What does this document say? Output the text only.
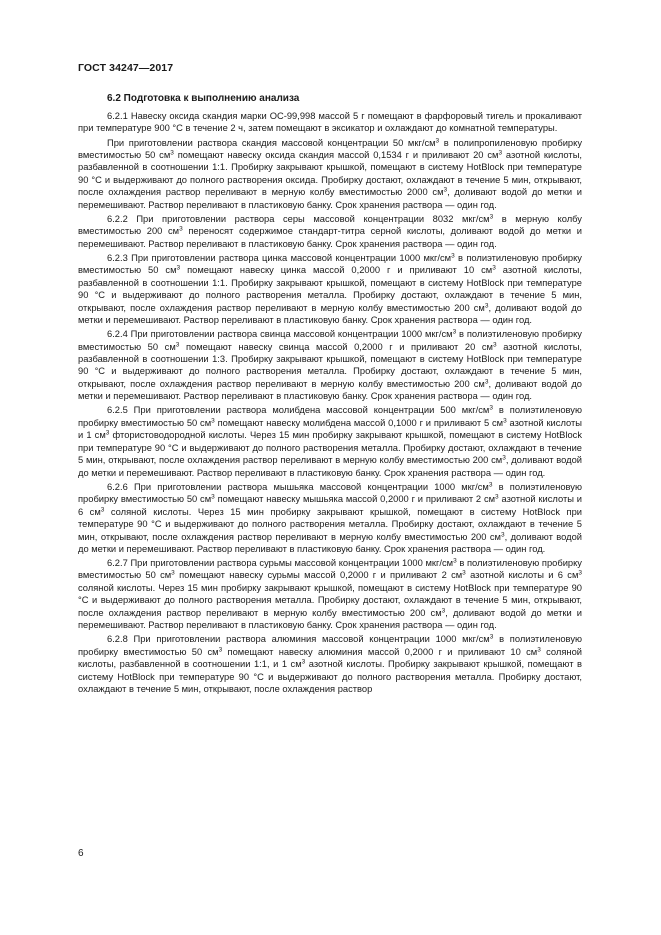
ГОСТ 34247—2017
6.2 Подготовка к выполнению анализа

6.2.1 Навеску оксида скандия марки ОС-99,998 массой 5 г помещают в фарфоровый тигель и прокаливают при температуре 900 °С в течение 2 ч, затем помещают в эксикатор и охлаждают до комнатной температуры.

При приготовлении раствора скандия массовой концентрации 50 мкг/$см^3$ в полипропиленовую пробирку вместимостью 50 $см^3$ помещают навеску оксида скандия массой 0,1534 г и приливают 20 $см^3$ азотной кислоты, разбавленной в соотношении 1:1. Пробирку закрывают крышкой, помещают в систему HotBlock при температуре 90 °С и выдерживают до полного растворения оксида. Пробирку достают, охлаждают в течение 5 мин, открывают, после охлаждения раствор переливают в мерную колбу вместимостью 2000 $см^3$, доливают водой до метки и перемешивают. Раствор переливают в пластиковую банку. Срок хранения раствора — один год.

6.2.2 При приготовлении раствора серы массовой концентрации 8032 мкг/$см^3$ в мерную колбу вместимостью 200 $см^3$ переносят содержимое стандарт-титра серной кислоты, доливают водой до метки и перемешивают. Раствор переливают в пластиковую банку. Срок хранения раствора — один год.

6.2.3 При приготовлении раствора цинка массовой концентрации 1000 мкг/$см^3$ в полиэтиленовую пробирку вместимостью 50 $см^3$ помещают навеску цинка массой 0,2000 г и приливают 10 $см^3$ азотной кислоты, разбавленной в соотношении 1:1. Пробирку закрывают крышкой, помещают в систему HotBlock при температуре 90 °С и выдерживают до полного растворения металла. Пробирку достают, охлаждают в течение 5 мин, открывают, после охлаждения раствор переливают в мерную колбу вместимостью 200 $см^3$, доливают водой до метки и перемешивают. Раствор переливают в пластиковую банку. Срок хранения раствора — один год.

6.2.4 При приготовлении раствора свинца массовой концентрации 1000 мкг/$см^3$ в полиэтиленовую пробирку вместимостью 50 $см^3$ помещают навеску свинца массой 0,2000 г и приливают 20 $см^3$ азотной кислоты, разбавленной в соотношении 1:3. Пробирку закрывают крышкой, помещают в систему HotBlock при температуре 90 °С и выдерживают до полного растворения металла. Пробирку достают, охлаждают в течение 5 мин, открывают, после охлаждения раствор переливают в мерную колбу вместимостью 200 $см^3$, доливают водой до метки и перемешивают. Раствор переливают в пластиковую банку. Срок хранения раствора — один год.

6.2.5 При приготовлении раствора молибдена массовой концентрации 500 мкг/$см^3$ в полиэтиленовую пробирку вместимостью 50 $см^3$ помещают навеску молибдена массой 0,1000 г и приливают 5 $см^3$ азотной кислоты и 1 $см^3$ фтористоводородной кислоты. Через 15 мин пробирку закрывают крышкой, помещают в систему HotBlock при температуре 90 °С и выдерживают до полного растворения металла. Пробирку достают, охлаждают в течение 5 мин, открывают, после охлаждения раствор переливают в мерную колбу вместимостью 200 $см^3$, доливают водой до метки и перемешивают. Раствор переливают в пластиковую банку. Срок хранения раствора — один год.

6.2.6 При приготовлении раствора мышьяка массовой концентрации 1000 мкг/$см^3$ в полиэтиленовую пробирку вместимостью 50 $см^3$ помещают навеску мышьяка массой 0,2000 г и приливают 2 $см^3$ азотной кислоты и 6 $см^3$ соляной кислоты. Через 15 мин пробирку закрывают крышкой, помещают в систему HotBlock при температуре 90 °С и выдерживают до полного растворения металла. Пробирку достают, охлаждают в течение 5 мин, открывают, после охлаждения раствор переливают в мерную колбу вместимостью 200 $см^3$, доливают водой до метки и перемешивают. Раствор переливают в пластиковую банку. Срок хранения раствора — один год.

6.2.7 При приготовлении раствора сурьмы массовой концентрации 1000 мкг/$см^3$ в полиэтиленовую пробирку вместимостью 50 $см^3$ помещают навеску сурьмы массой 0,2000 г и приливают 2 $см^3$ азотной кислоты и 6 $см^3$ соляной кислоты. Через 15 мин пробирку закрывают крышкой, помещают в систему HotBlock при температуре 90 °С и выдерживают до полного растворения металла. Пробирку достают, охлаждают в течение 5 мин, открывают, после охлаждения раствор переливают в мерную колбу вместимостью 200 $см^3$, доливают водой до метки и перемешивают. Раствор переливают в пластиковую банку. Срок хранения раствора — один год.

6.2.8 При приготовлении раствора алюминия массовой концентрации 1000 мкг/$см^3$ в полиэтиленовую пробирку вместимостью 50 $см^3$ помещают навеску алюминия массой 0,2000 г и приливают 10 $см^3$ соляной кислоты, разбавленной в соотношении 1:1, и 1 $см^3$ азотной кислоты. Пробирку закрывают крышкой, помещают в систему HotBlock при температуре 90 °С и выдерживают до полного растворения металла. Пробирку достают, охлаждают в течение 5 мин, открывают, после охлаждения раствор

6
